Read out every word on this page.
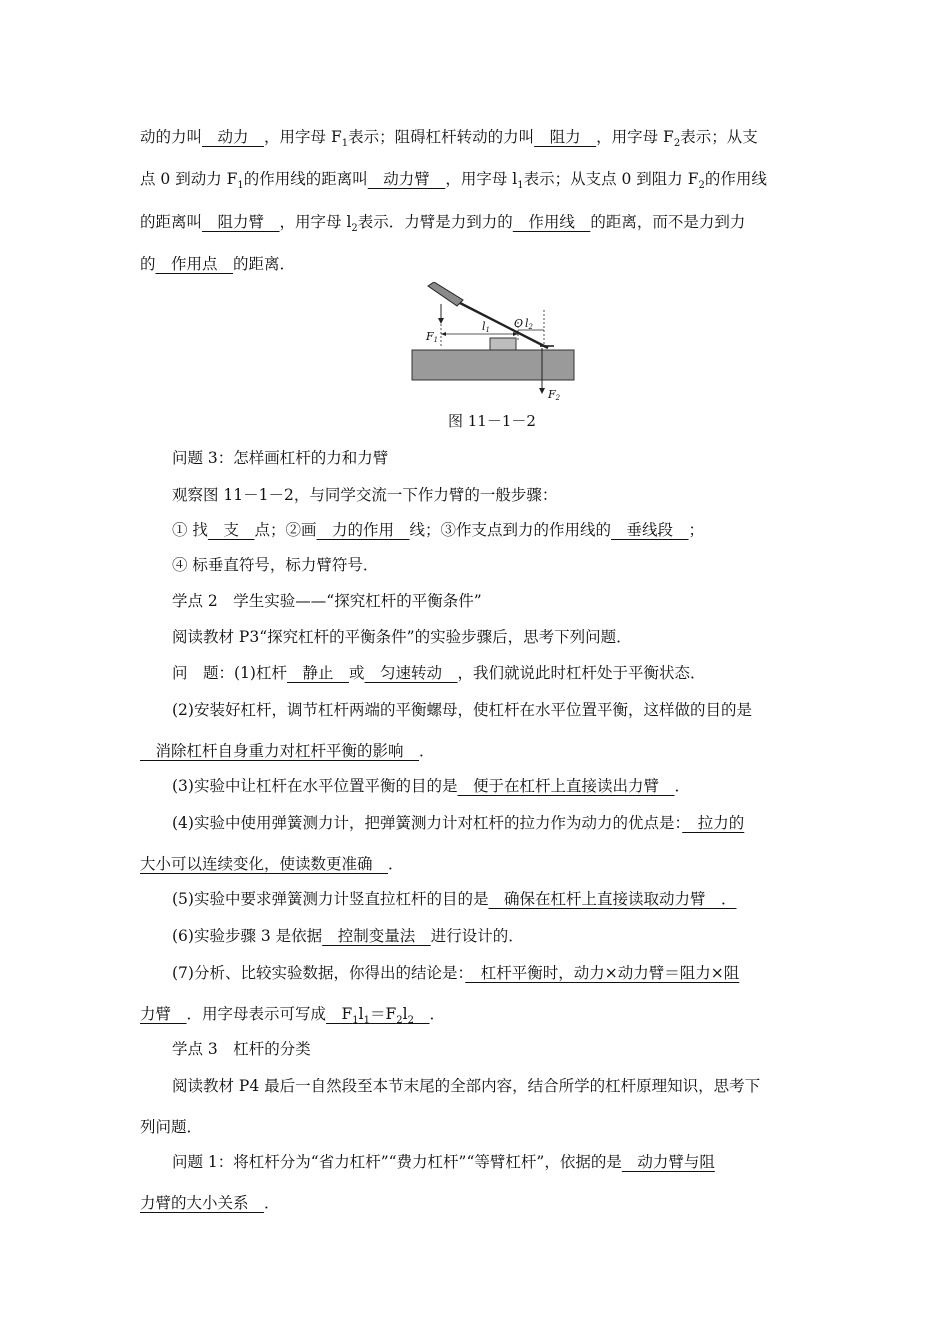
动的力叫　动力　，用字母 $F_1$表示；阻碍杠杆转动的力叫　阻力　，用字母 $F_2$表示；从支
点 0 到动力 $F_1$的作用线的距离叫　动力臂　，用字母 $l_1$表示；从支点 0 到阻力 $F_2$的作用线
的距离叫　阻力臂　，用字母 $l_2$表示．力臂是力到力的　作用线　的距离，而不是力到力
的　作用点　的距离．
F1
l1 O l2
F2
图 11－1－2
问题 3：怎样画杠杆的力和力臂
观察图 11－1－2，与同学交流一下作力臂的一般步骤：
① 找　支　点；②画　力的作用　线；③作支点到力的作用线的　垂线段　；
④ 标垂直符号，标力臂符号．
学点 2　学生实验——“探究杠杆的平衡条件”
阅读教材 P3“探究杠杆的平衡条件”的实验步骤后，思考下列问题．
问　题：(1)杠杆　静止　或　匀速转动　，我们就说此时杠杆处于平衡状态．
(2)安装好杠杆，调节杠杆两端的平衡螺母，使杠杆在水平位置平衡，这样做的目的是
　消除杠杆自身重力对杠杆平衡的影响　．
(3)实验中让杠杆在水平位置平衡的目的是　便于在杠杆上直接读出力臂　．
(4)实验中使用弹簧测力计，把弹簧测力计对杠杆的拉力作为动力的优点是：　拉力的
大小可以连续变化，使读数更准确　．
(5)实验中要求弹簧测力计竖直拉杠杆的目的是　确保在杠杆上直接读取动力臂　．
(6)实验步骤 3 是依据　控制变量法　进行设计的．
(7)分析、比较实验数据，你得出的结论是：　杠杆平衡时，动力×动力臂＝阻力×阻
力臂　．用字母表示可写成　$F_1l_1=F_2l_2$　 ．
学点 3　杠杆的分类
阅读教材 P4 最后一自然段至本节末尾的全部内容，结合所学的杠杆原理知识，思考下
列问题．
问题 1：将杠杆分为“省力杠杆”“费力杠杆”“等臂杠杆”，依据的是　动力臂与阻
力臂的大小关系　．
